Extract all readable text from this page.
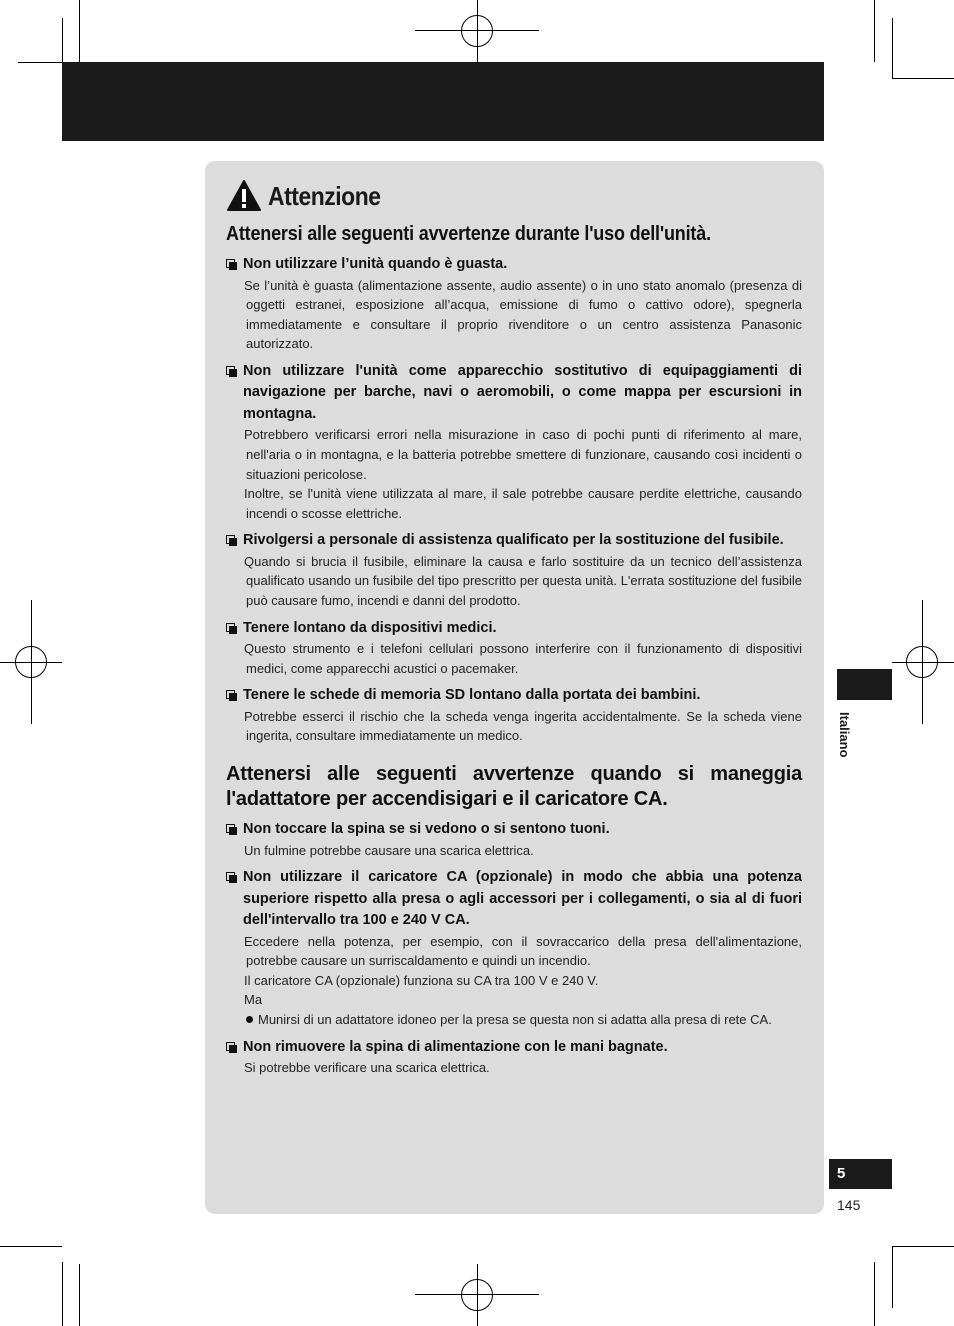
Attenzione
Attenersi alle seguenti avvertenze durante l'uso dell'unità.
Non utilizzare l’unità quando è guasta.

Se l’unità è guasta (alimentazione assente, audio assente) o in uno stato anomalo (presenza di oggetti estranei, esposizione all’acqua, emissione di fumo o cattivo odore), spegnerla immediatamente e consultare il proprio rivenditore o un centro assistenza Panasonic autorizzato.

Non utilizzare l'unità come apparecchio sostitutivo di equipaggiamenti di navigazione per barche, navi o aeromobili, o come mappa per escursioni in montagna.

Potrebbero verificarsi errori nella misurazione in caso di pochi punti di riferimento al mare, nell'aria o in montagna, e la batteria potrebbe smettere di funzionare, causando così incidenti o situazioni pericolose.

Inoltre, se l'unità viene utilizzata al mare, il sale potrebbe causare perdite elettriche, causando incendi o scosse elettriche.

Rivolgersi a personale di assistenza qualificato per la sostituzione del fusibile.

Quando si brucia il fusibile, eliminare la causa e farlo sostituire da un tecnico dell’assistenza qualificato usando un fusibile del tipo prescritto per questa unità. L'errata sostituzione del fusibile può causare fumo, incendi e danni del prodotto.

Tenere lontano da dispositivi medici.

Questo strumento e i telefoni cellulari possono interferire con il funzionamento di dispositivi medici, come apparecchi acustici o pacemaker.

Tenere le schede di memoria SD lontano dalla portata dei bambini.

Potrebbe esserci il rischio che la scheda venga ingerita accidentalmente. Se la scheda viene ingerita, consultare immediatamente un medico.

Attenersi alle seguenti avvertenze quando si maneggia l'adattatore per accendisigari e il caricatore CA.
Non toccare la spina se si vedono o si sentono tuoni.

Un fulmine potrebbe causare una scarica elettrica.

Non utilizzare il caricatore CA (opzionale) in modo che abbia una potenza superiore rispetto alla presa o agli accessori per i collegamenti, o sia al di fuori dell'intervallo tra 100 e 240 V CA.

Eccedere nella potenza, per esempio, con il sovraccarico della presa dell'alimentazione, potrebbe causare un surriscaldamento e quindi un incendio.

Il caricatore CA (opzionale) funziona su CA tra 100 V e 240 V.

Ma

Munirsi di un adattatore idoneo per la presa se questa non si adatta alla presa di rete CA.

Non rimuovere la spina di alimentazione con le mani bagnate.

Si potrebbe verificare una scarica elettrica.

Italiano
5
145
